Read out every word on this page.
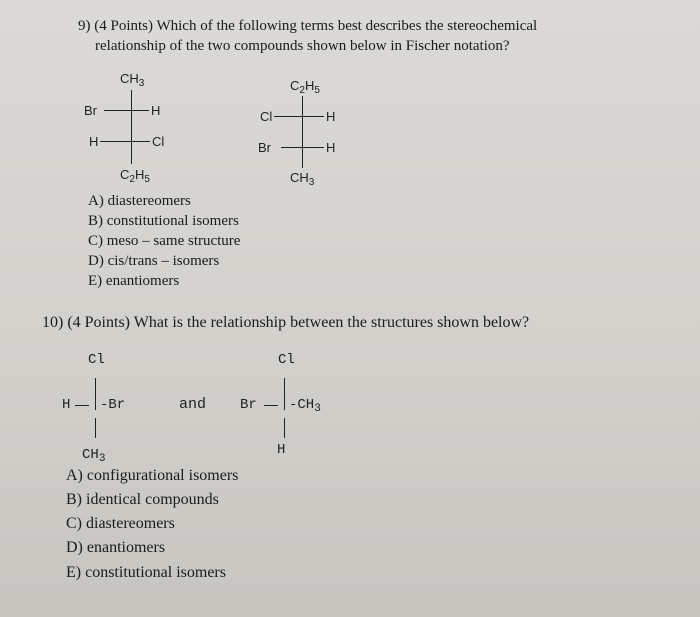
9) (4 Points) Which of the following terms best describes the stereochemical
relationship of the two compounds shown below in Fischer notation?
$CH_3$
Br	H
H	Cl
$C_2H_5$
$C_2H_5$
Cl	H
Br	H
$CH_3$
A) diastereomers
B) constitutional isomers
C) meso – same structure
D) cis/trans – isomers
E) enantiomers
10) (4 Points) What is the relationship between the structures shown below?
Cl
H -Br
$CH_3$
and
Cl
Br $-CH_3$
H
A) configurational isomers
B) identical compounds
C) diastereomers
D) enantiomers
E) constitutional isomers
